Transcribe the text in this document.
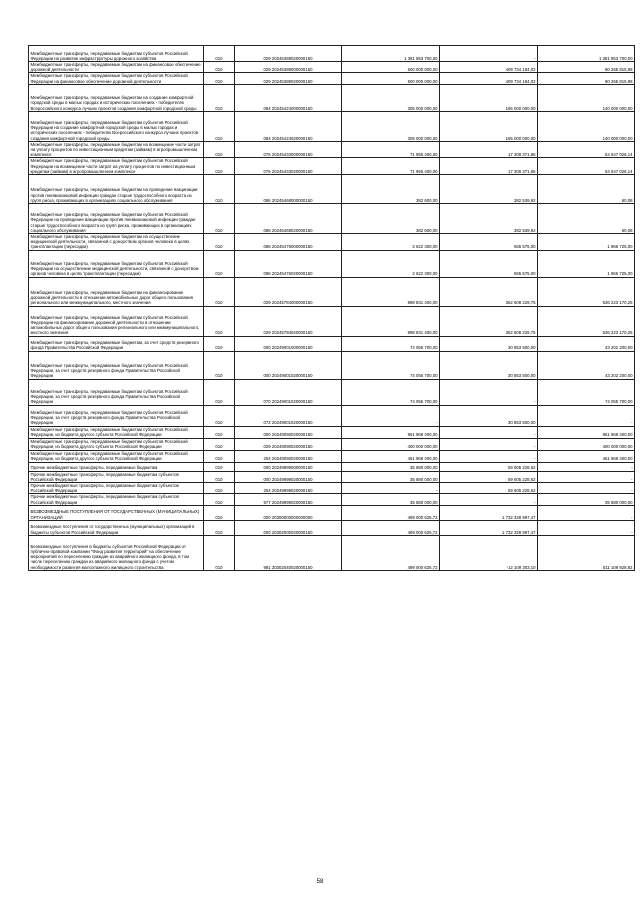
Межбюджетные трансферты, передаваемые бюджетам субъектов Российской Федерации на развитие инфраструктуры дорожного хозяйства	010	029 20245389020000150	1 381 953 700,00	-	1 381 953 700,00
Межбюджетные трансферты, передаваемые бюджетам на финансовое обеспечение дорожной деятельности	010	029 20245389000000150	500 000 000,00	409 734 184,02	90 265 815,98
Межбюджетные трансферты, передаваемые бюджетам субъектов Российской Федерации на финансовое обеспечение дорожной деятельности	010	029 20245389020000150	500 000 000,00	409 734 184,02	90 265 815,98
Межбюджетные трансферты, передаваемые бюджетам на создание комфортной городской среды в малых городах и исторических поселениях - победителях Всероссийского конкурса лучших проектов создания комфортной городской среды	010	084 20245424000000150	305 000 000,00	165 000 000,00	140 000 000,00
Межбюджетные трансферты, передаваемые бюджетам субъектов Российской Федерации на создание комфортной городской среды в малых городах и исторических поселениях - победителях Всероссийского конкурса лучших проектов создания комфортной городской среды	010	084 20245424020000150	305 000 000,00	165 000 000,00	140 000 000,00
Межбюджетные трансферты, передаваемые бюджетам на возмещение части затрат на уплату процентов по инвестиционным кредитам (займам) в агропромышленном комплексе	010	076 20245433000000150	71 955 400,00	17 308 371,86	54 647 028,14
Межбюджетные трансферты, передаваемые бюджетам субъектов Российской Федерации на возмещение части затрат на уплату процентов по инвестиционным кредитам (займам) в агропромышленном комплексе	010	076 20245433020000150	71 955 400,00	17 308 371,86	54 647 028,14
Межбюджетные трансферты, передаваемые бюджетам на проведение вакцинации против пневмококковой инфекции граждан старше трудоспособного возраста из групп риска, проживающих в организациях социального обслуживания	010	086 20245468000000150	382 600,00	382 539,92	60,08
Межбюджетные трансферты, передаваемые бюджетам субъектов Российской Федерации на проведение вакцинации против пневмококковой инфекции граждан старше трудоспособного возраста из групп риска, проживающих в организациях социального обслуживания	010	086 20245468020000150	382 600,00	382 539,92	60,08
Межбюджетные трансферты, передаваемые бюджетам на осуществление медицинской деятельности, связанной с донорством органов человека в целях трансплантации (пересадки)	010	086 20245476000000150	2 622 300,00	655 575,00	1 966 725,00
Межбюджетные трансферты, передаваемые бюджетам субъектов Российской Федерации на осуществление медицинской деятельности, связанной с донорством органов человека в целях трансплантации (пересадки)	010	086 20245476020000150	2 622 300,00	655 575,00	1 966 725,00
Межбюджетные трансферты, передаваемые бюджетам на финансирование дорожной деятельности в отношении автомобильных дорог общего пользования регионального или межмуниципального, местного значения	010	029 20245784000000150	898 831 400,00	362 608 229,75	536 223 170,25
Межбюджетные трансферты, передаваемые бюджетам субъектов Российской Федерации на финансирование дорожной деятельности в отношении автомобильных дорог общего пользования регионального или межмуниципального, местного значения	010	029 20245784020000150	898 831 400,00	362 608 229,75	536 223 170,25
Межбюджетные трансферты, передаваемые бюджетам, за счет средств резервного фонда Правительства Российской Федерации	010	000 20249001000000150	74 055 700,00	30 853 500,00	43 202 200,00
Межбюджетные трансферты, передаваемые бюджетам субъектов Российской Федерации, за счет средств резервного фонда Правительства Российской Федерации	010	000 20249001020000150	74 055 700,00	30 853 500,00	43 202 200,00
Межбюджетные трансферты, передаваемые бюджетам субъектов Российской Федерации, за счет средств резервного фонда Правительства Российской Федерации	010	070 20249001020000150	74 055 700,00	-	74 055 700,00
Межбюджетные трансферты, передаваемые бюджетам субъектов Российской Федерации, за счет средств резервного фонда Правительства Российской Федерации	010	072 20249001020000150	-	30 853 500,00	-
Межбюджетные трансферты, передаваемые бюджетам субъектов Российской Федерации, из бюджета другого субъекта Российской Федерации	010	000 20249090020000150	861 968 400,00	-	861 968 400,00
Межбюджетные трансферты, передаваемые бюджетам субъектов Российской Федерации, из бюджета другого субъекта Российской Федерации	010	029 20249090020000150	400 000 000,00	-	400 000 000,00
Межбюджетные трансферты, передаваемые бюджетам субъектов Российской Федерации, из бюджета другого субъекта Российской Федерации	010	254 20249090020000150	461 968 400,00	-	461 968 400,00
Прочие межбюджетные трансферты, передаваемые бюджетам	010	000 20249999000000150	35 880 000,00	59 605 228,62	-
Прочие межбюджетные трансферты, передаваемые бюджетам субъектов Российской Федерации	010	000 20249999020000150	35 880 000,00	59 605 228,62	-
Прочие межбюджетные трансферты, передаваемые бюджетам субъектов Российской Федерации	010	254 20249999020000150	-	59 605 228,62	-
Прочие межбюджетные трансферты, передаваемые бюджетам субъектов Российской Федерации	010	977 20249999020000150	35 880 000,00	-	35 880 000,00
БЕЗВОЗМЕЗДНЫЕ ПОСТУПЛЕНИЯ ОТ ГОСУДАРСТВЕННЫХ (МУНИЦИПАЛЬНЫХ) ОРГАНИЗАЦИЙ	010	000 20300000000000000	499 000 625,72	1 732 328 997,47	-
Безвозмездные поступления от государственных (муниципальных) организаций в бюджеты субъектов Российской Федерации	010	000 20302000020000150	499 000 625,72	1 732 328 997,47	-
Безвозмездные поступления в бюджеты субъектов Российской Федерации от публично-правовой компании "Фонд развития территорий" на обеспечение мероприятий по переселению граждан из аварийного жилищного фонда, в том числе переселению граждан из аварийного жилищного фонда с учетом необходимости развития малоэтажного жилищного строительства	010	981 20302040020000150	499 000 625,72	-12 109 303,10	511 109 928,82
58
